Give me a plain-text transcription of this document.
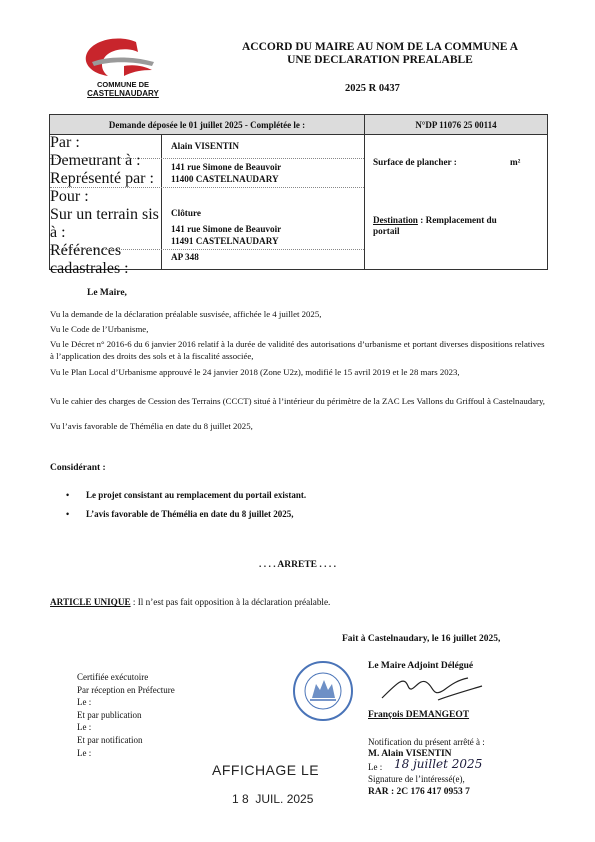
COMMUNE DE
CASTELNAUDARY
ACCORD DU MAIRE AU NOM DE LA COMMUNE A
UNE DECLARATION PREALABLE
2025 R 0437
Demande déposée le 01 juillet 2025 - Complétée le :	N°DP 11076 25 00114
Par :
Demeurant à :
Représenté par :
Pour :
Sur un terrain sis à :
Références cadastrales :
Alain VISENTIN
141 rue Simone de Beauvoir
11400 CASTELNAUDARY
Clôture
141 rue Simone de Beauvoir
11491 CASTELNAUDARY
AP 348
Surface de plancher :	m²
Destination : Remplacement du
portail
Le Maire,
Vu la demande de la déclaration préalable susvisée, affichée le 4 juillet 2025,
Vu le Code de l’Urbanisme,
Vu le Décret n° 2016-6 du 6 janvier 2016 relatif à la durée de validité des autorisations d’urbanisme et portant diverses dispositions relatives à l’application des droits des sols et à la fiscalité associée,
Vu le Plan Local d’Urbanisme approuvé le 24 janvier 2018 (Zone U2z), modifié le 15 avril 2019 et le 28 mars 2023,
Vu le cahier des charges de Cession des Terrains (CCCT) situé à l’intérieur du périmètre de la ZAC Les Vallons du Griffoul à Castelnaudary,
Vu l’avis favorable de Thémélia en date du 8 juillet 2025,
Considérant :
• Le projet consistant au remplacement du portail existant.
• L’avis favorable de Thémélia en date du 8 juillet 2025,
. . . . ARRETE . . . .
ARTICLE UNIQUE : Il n’est pas fait opposition à la déclaration préalable.
Fait à Castelnaudary, le 16 juillet 2025,
Le Maire Adjoint Délégué
François DEMANGEOT
Certifiée exécutoire
Par réception en Préfecture
Le :
Et par publication
Le :
Et par notification
Le :
Notification du présent arrêté à :
M. Alain VISENTIN
Le : 18 juillet 2025
Signature de l’intéressé(e),
RAR : 2C 176 417 0953 7
AFFICHAGE LE
1 8  JUIL. 2025
